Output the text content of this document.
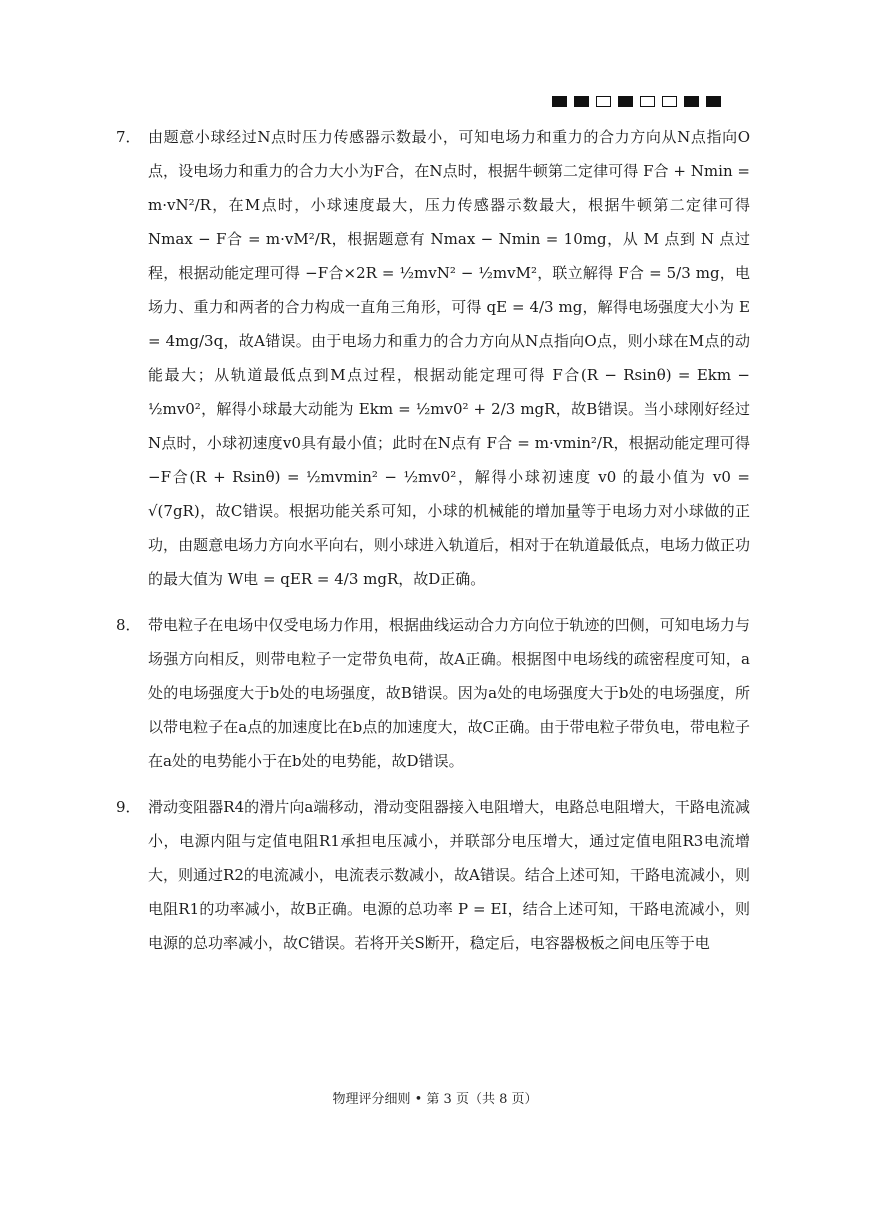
7． 由题意小球经过N点时压力传感器示数最小，可知电场力和重力的合力方向从N点指向O点，设电场力和重力的合力大小为F合，在N点时，根据牛顿第二定律可得 F合 + Nmin = m·vN²/R，在M点时，小球速度最大，压力传感器示数最大，根据牛顿第二定律可得 Nmax − F合 = m·vM²/R，根据题意有 Nmax − Nmin = 10mg，从 M 点到 N 点过程，根据动能定理可得 −F合×2R = ½mvN² − ½mvM²，联立解得 F合 = 5/3 mg，电场力、重力和两者的合力构成一直角三角形，可得 qE = 4/3 mg，解得电场强度大小为 E = 4mg/3q，故A错误。由于电场力和重力的合力方向从N点指向O点，则小球在M点的动能最大；从轨道最低点到M点过程，根据动能定理可得 F合(R − Rsinθ) = Ekm − ½mv0²，解得小球最大动能为 Ekm = ½mv0² + 2/3 mgR，故B错误。当小球刚好经过N点时，小球初速度v0具有最小值；此时在N点有 F合 = m·vmin²/R，根据动能定理可得 −F合(R + Rsinθ) = ½mvmin² − ½mv0²，解得小球初速度 v0 的最小值为 v0 = √(7gR)，故C错误。根据功能关系可知，小球的机械能的增加量等于电场力对小球做的正功，由题意电场力方向水平向右，则小球进入轨道后，相对于在轨道最低点，电场力做正功的最大值为 W电 = qER = 4/3 mgR，故D正确。

8． 带电粒子在电场中仅受电场力作用，根据曲线运动合力方向位于轨迹的凹侧，可知电场力与场强方向相反，则带电粒子一定带负电荷，故A正确。根据图中电场线的疏密程度可知，a处的电场强度大于b处的电场强度，故B错误。因为a处的电场强度大于b处的电场强度，所以带电粒子在a点的加速度比在b点的加速度大，故C正确。由于带电粒子带负电，带电粒子在a处的电势能小于在b处的电势能，故D错误。

9． 滑动变阻器R4的滑片向a端移动，滑动变阻器接入电阻增大，电路总电阻增大，干路电流减小，电源内阻与定值电阻R1承担电压减小，并联部分电压增大，通过定值电阻R3电流增大，则通过R2的电流减小，电流表示数减小，故A错误。结合上述可知，干路电流减小，则电阻R1的功率减小，故B正确。电源的总功率 P = EI，结合上述可知，干路电流减小，则电源的总功率减小，故C错误。若将开关S断开，稳定后，电容器极板之间电压等于电

物理评分细则 • 第 3 页（共 8 页）
